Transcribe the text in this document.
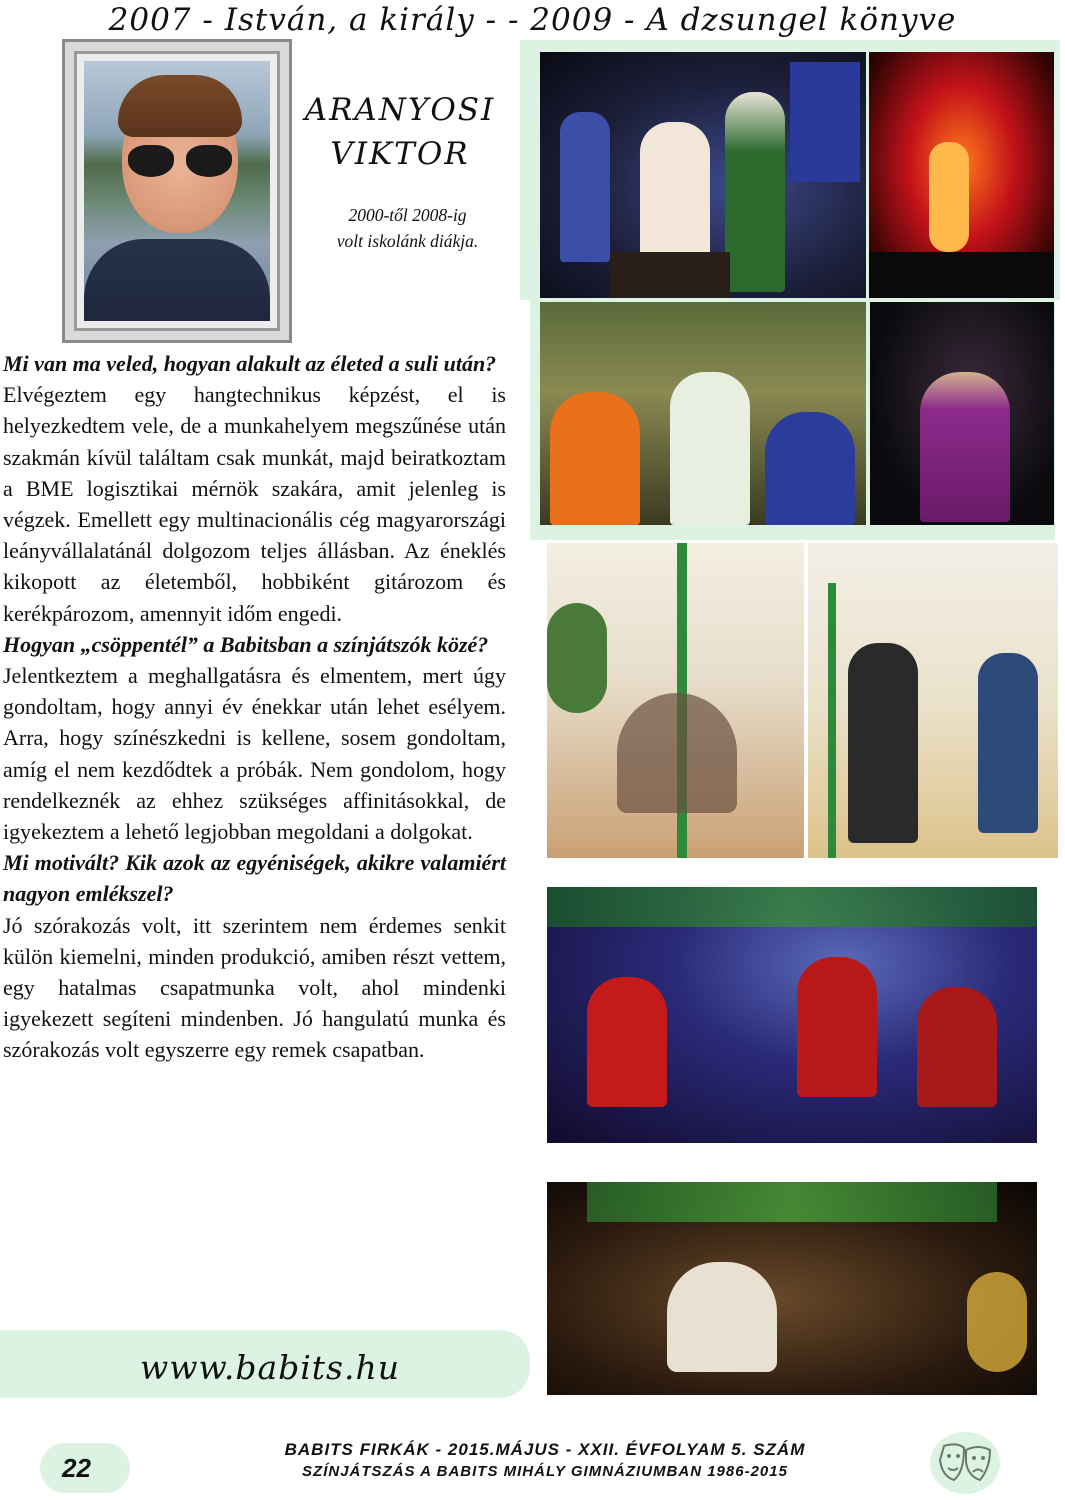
2007 - István, a király - - 2009 - A dzsungel könyve
ARANYOSI
VIKTOR
2000-től 2008-ig
volt iskolánk diákja.

Mi van ma veled, hogyan alakult az életed a suli után?

Elvégeztem egy hangtechnikus képzést, el is helyezkedtem vele, de a munkahelyem megszűnése után szakmán kívül találtam csak munkát, majd beiratkoztam a BME logisztikai mérnök szakára, amit jelenleg is végzek. Emellett egy multinacionális cég magyarországi leányvállalatánál dolgozom teljes állásban. Az éneklés kikopott az életemből, hobbiként gitározom és kerékpározom, amennyit időm engedi.

Hogyan „csöppentél” a Babitsban a színjátszók közé?

Jelentkeztem a meghallgatásra és elmentem, mert úgy gondoltam, hogy annyi év énekkar után lehet esélyem. Arra, hogy színészkedni is kellene, sosem gondoltam, amíg el nem kezdődtek a próbák. Nem gondolom, hogy rendelkeznék az ehhez szükséges affinitásokkal, de igyekeztem a lehető legjobban megoldani a dolgokat.

Mi motivált? Kik azok az egyéniségek, akikre valamiért nagyon emlékszel?

Jó szórakozás volt, itt szerintem nem érdemes senkit külön kiemelni, minden produkció, amiben részt vettem, egy hatalmas csapatmunka volt, ahol mindenki igyekezett segíteni mindenben. Jó hangulatú munka és szórakozás volt egyszerre egy remek csapatban.

www.babits.hu
22
BABITS FIRKÁK - 2015.MÁJUS - XXII. ÉVFOLYAM 5. SZÁM
SZÍNJÁTSZÁS A BABITS MIHÁLY GIMNÁZIUMBAN 1986-2015
